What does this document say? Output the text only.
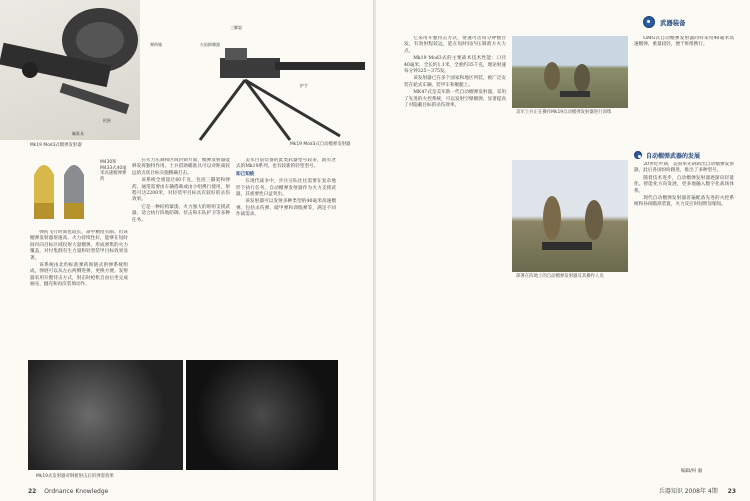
弹药箱
机匣
火焰抑制器
三脚架
护手
瞄准具
Mk19 Mod3式自动榴弹发射器
Mk19 Mod3式榴弹发射器
M430和 M433式40毫米高速榴弹弹药

弹药飞行时间也较长，命中精度有限。但该榴弹发射器射速高、火力持续性好，能够在短时间内向目标区域投射大量榴弹，形成密集的火力覆盖，对付集群有生力量和轻型装甲目标效果显著。

该系统由北约标准弹药和链式供弹系统组成，弹链可以从左右两侧进弹，更换方便。发射器采用开膛待击方式，射击时枪机自由后坐完成抽壳、抛壳和再次装填动作。

在火力压制和区域封锁方面，榴弹发射器能够发挥独特作用。士兵借助瞄准具可以对距离较远的点状目标实施精确打击。

该系统全重超过60千克，包括三脚架和弹药，通常需要由车辆搭载或由小组携行使用，射程可达2200米，对轻装甲目标具有较好的杀伤效果。

它是一种结构紧凑、火力强大的班组支援武器，适合执行阵地防御、伏击和车队护卫等多种任务。

美军目前装备的此类武器型号较多，既有老式的Mk19系列，也有较新的轻型型号。

知己知彼

在现代战争中，步兵分队往往需要在复杂地形下执行任务，自动榴弹发射器作为火力支援武器，其重要性日益突出。

该发射器可以发射多种类型的40毫米高速榴弹，包括杀伤弹、破甲弹和训练弹等，满足不同作战需求。

Mk19式发射器对钢板射击后的弹着效果
22 Ordnance Knowledge
武器装备

它采用开膛待击方式，射速可达每分钟数百发，有效射程较远，能在短时间内压制敌方火力点。

Mk19 Mod3式的主要战术技术性能：口径40毫米，全长约1.1米，全重约35千克，理论射速每分钟325～375发。

该发射器已在多个国家和地区列装，被广泛安装在轮式车辆、装甲车和舰艇上。

MK47式是美军新一代自动榴弹发射器，采用了先进的火控系统，可以发射空爆榴弹，显著提高了对隐蔽目标的杀伤效率。

美军士兵正在操作Mk19自动榴弹发射器进行训练
部署在阵地上的自动榴弹发射器及其操作人员
自动榴弹武器的发展

GMG式自动榴弹发射器同样采用40毫米高速榴弹，重量较轻，便于班组携行。

20世纪中期，美国率先研制出自动榴弹发射器，此后各国纷纷跟进，推出了多种型号。

随着技术进步，自动榴弹发射器逐渐向轻量化、智能化方向发展，更多地融入数字化战场体系。

现代自动榴弹发射器普遍配备先进的火控系统和昼夜瞄准装置，火力反应时间明显缩短。

编辑/何 毅
兵器知识 2008年 4期 23
